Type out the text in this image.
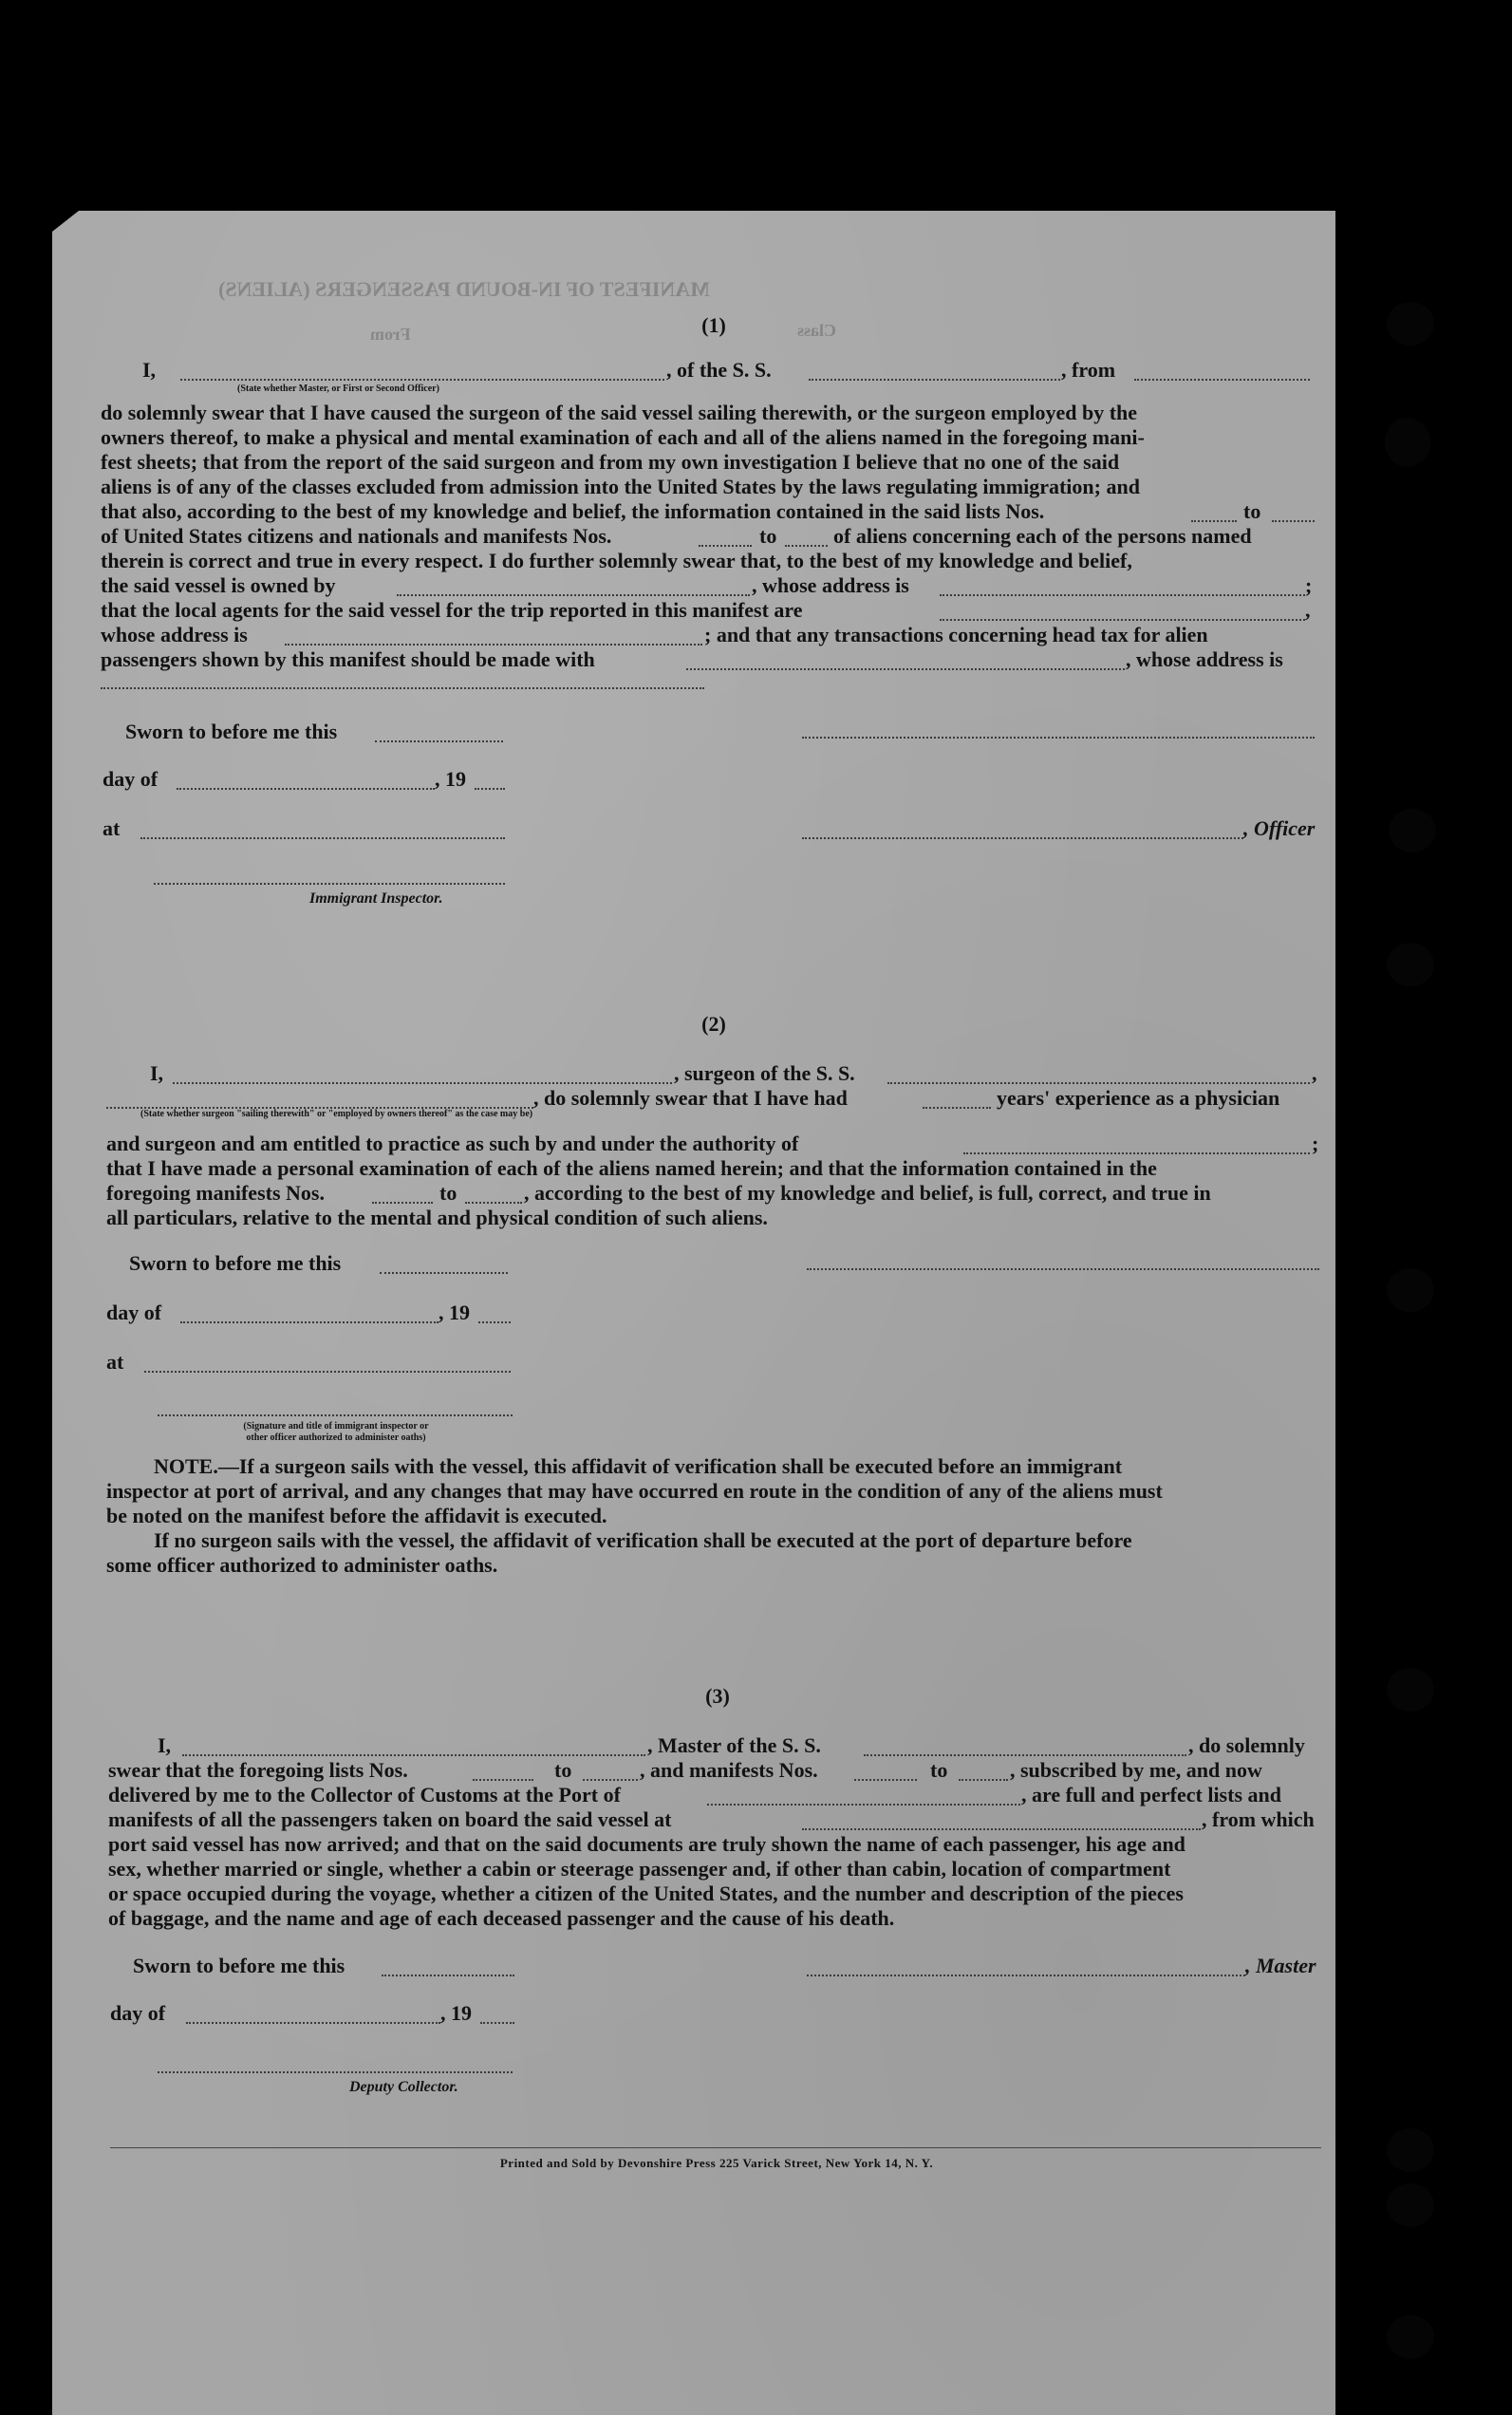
MANIFEST OF IN-BOUND PASSENGERS (ALIENS)
Class
From	(1)
I,	, of the S. S.	, from
(State whether Master, or First or Second Officer)
do solemnly swear that I have caused the surgeon of the said vessel sailing therewith, or the surgeon employed by the
owners thereof, to make a physical and mental examination of each and all of the aliens named in the foregoing mani-
fest sheets; that from the report of the said surgeon and from my own investigation I believe that no one of the said
aliens is of any of the classes excluded from admission into the United States by the laws regulating immigration; and
that also, according to the best of my knowledge and belief, the information contained in the said lists Nos.	to
of United States citizens and nationals and manifests Nos.	to	of aliens concerning each of the persons named
therein is correct and true in every respect. I do further solemnly swear that, to the best of my knowledge and belief,
the said vessel is owned by	, whose address is	;
that the local agents for the said vessel for the trip reported in this manifest are	,
whose address is	; and that any transactions concerning head tax for alien
passengers shown by this manifest should be made with	, whose address is
Sworn to before me this
day of	, 19
at	, Officer
Immigrant Inspector.
(2)
I,	, surgeon of the S. S.	,
, do solemnly swear that I have had	years' experience as a physician
(State whether surgeon "sailing therewith" or "employed by owners thereof" as the case may be)
and surgeon and am entitled to practice as such by and under the authority of	;
that I have made a personal examination of each of the aliens named herein; and that the information contained in the
foregoing manifests Nos.	to	, according to the best of my knowledge and belief, is full, correct, and true in
all particulars, relative to the mental and physical condition of such aliens.
Sworn to before me this
day of	, 19
at
(Signature and title of immigrant inspector or
other officer authorized to administer oaths)
NOTE.—If a surgeon sails with the vessel, this affidavit of verification shall be executed before an immigrant
inspector at port of arrival, and any changes that may have occurred en route in the condition of any of the aliens must
be noted on the manifest before the affidavit is executed.
If no surgeon sails with the vessel, the affidavit of verification shall be executed at the port of departure before
some officer authorized to administer oaths.
(3)
I,	, Master of the S. S.	, do solemnly
swear that the foregoing lists Nos.	to	, and manifests Nos.	to	, subscribed by me, and now
delivered by me to the Collector of Customs at the Port of	, are full and perfect lists and
manifests of all the passengers taken on board the said vessel at	, from which
port said vessel has now arrived; and that on the said documents are truly shown the name of each passenger, his age and
sex, whether married or single, whether a cabin or steerage passenger and, if other than cabin, location of compartment
or space occupied during the voyage, whether a citizen of the United States, and the number and description of the pieces
of baggage, and the name and age of each deceased passenger and the cause of his death.
Sworn to before me this	, Master
day of	, 19
Deputy Collector.
Printed and Sold by Devonshire Press 225 Varick Street, New York 14, N. Y.
